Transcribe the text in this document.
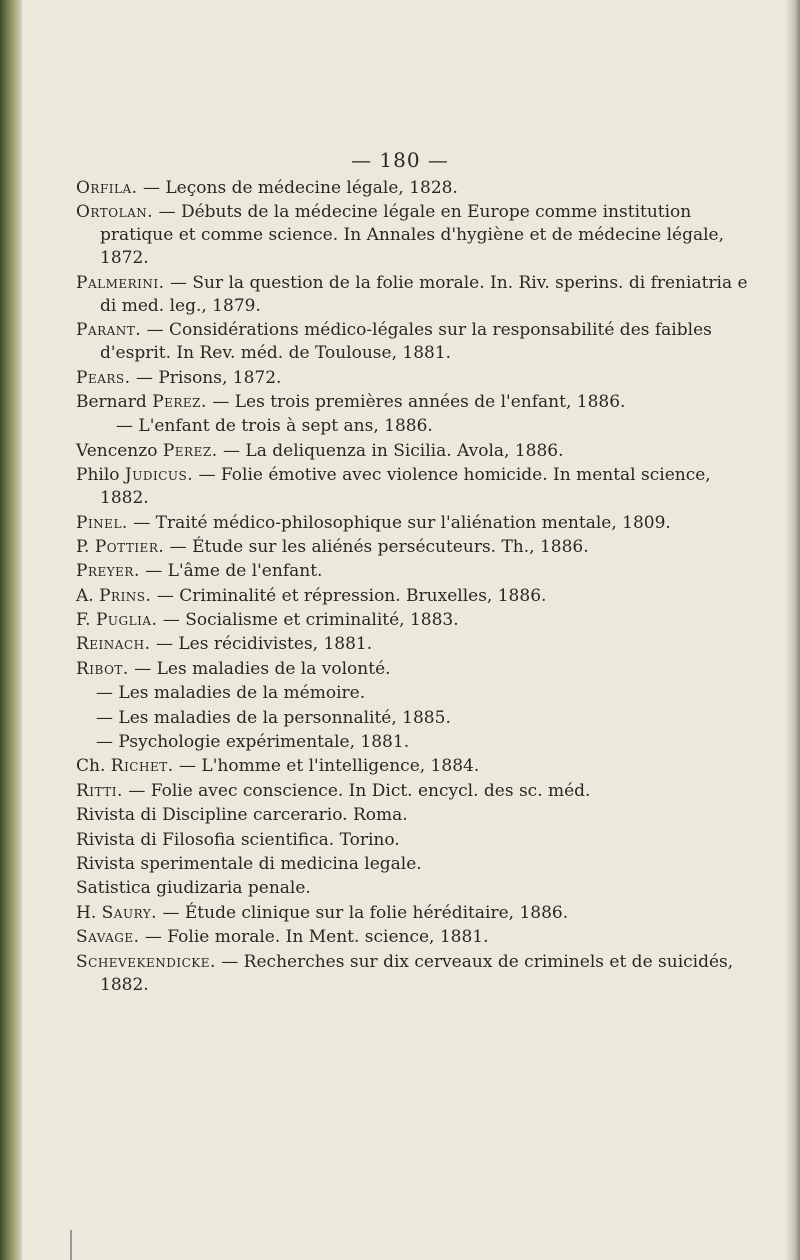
— 180 —

Orfila. — Leçons de médecine légale, 1828.

Ortolan. — Débuts de la médecine légale en Europe comme institution pratique et comme science. In Annales d'hygiène et de médecine légale, 1872.

Palmerini. — Sur la question de la folie morale. In. Riv. sperins. di freniatria e di med. leg., 1879.

Parant. — Considérations médico-légales sur la responsabilité des faibles d'esprit. In Rev. méd. de Toulouse, 1881.

Pears. — Prisons, 1872.

Bernard Perez. — Les trois premières années de l'enfant, 1886.

— L'enfant de trois à sept ans, 1886.

Vencenzo Perez. — La deliquenza in Sicilia. Avola, 1886.

Philo Judicus. — Folie émotive avec violence homicide. In mental science, 1882.

Pinel. — Traité médico-philosophique sur l'aliénation mentale, 1809.

P. Pottier. — Étude sur les aliénés persécuteurs. Th., 1886.

Preyer. — L'âme de l'enfant.

A. Prins. — Criminalité et répression. Bruxelles, 1886.

F. Puglia. — Socialisme et criminalité, 1883.

Reinach. — Les récidivistes, 1881.

Ribot. — Les maladies de la volonté.

— Les maladies de la mémoire.

— Les maladies de la personnalité, 1885.

— Psychologie expérimentale, 1881.

Ch. Richet. — L'homme et l'intelligence, 1884.

Ritti. — Folie avec conscience. In Dict. encycl. des sc. méd.

Rivista di Discipline carcerario. Roma.

Rivista di Filosofia scientifica. Torino.

Rivista sperimentale di medicina legale.

Satistica giudizaria penale.

H. Saury. — Étude clinique sur la folie héréditaire, 1886.

Savage. — Folie morale. In Ment. science, 1881.

Schevekendicke. — Recherches sur dix cerveaux de criminels et de suicidés, 1882.
